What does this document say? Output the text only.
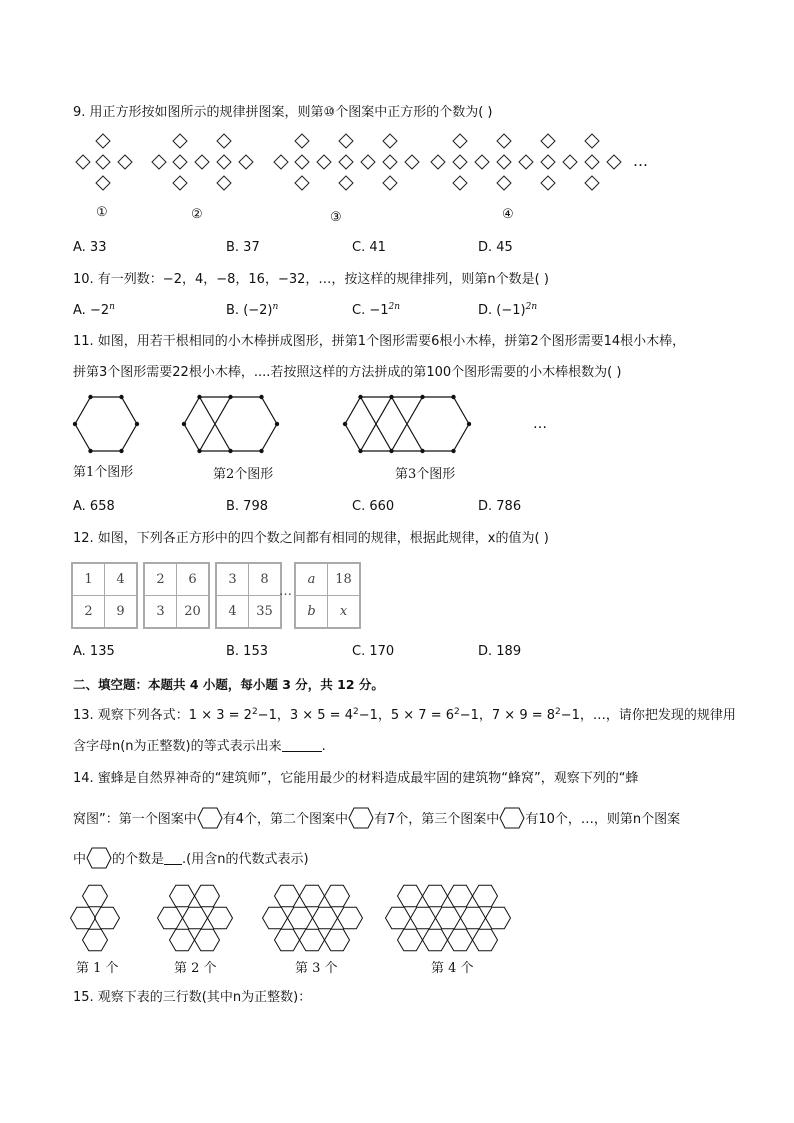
9. 用正方形按如图所示的规律拼图案，则第⑩个图案中正方形的个数为( )
①	②	③	④
…
A. 33	B. 37	C. 41	D. 45
10. 有一列数：−2，4，−8，16，−32，…，按这样的规律排列，则第n个数是( )
A. $-2^n$	B. $(-2)^n$	C. $-1^{2n}$	D. $(-1)^{2n}$
11. 如图，用若干根相同的小木棒拼成图形，拼第1个图形需要6根小木棒，拼第2个图形需要14根小木棒，
拼第3个图形需要22根小木棒，....若按照这样的方法拼成的第100个图形需要的小木棒根数为( )
…
第1个图形	第2个图形	第3个图形
A. 658	B. 798	C. 660	D. 786
12. 如图，下列各正方形中的四个数之间都有相同的规律，根据此规律，x的值为( )
1	4
2	9
2	6
3	20
3	8
4	35
…
a	18
b	x
A. 135	B. 153	C. 170	D. 189
二、填空题：本题共 4 小题，每小题 3 分，共 12 分。
13. 观察下列各式：$1 \times 3 = 2^2-1$，$3 \times 5 = 4^2-1$，$5 \times 7 = 6^2-1$，$7 \times 9 = 8^2-1$，…，请你把发现的规律用
含字母n(n为正整数)的等式表示出来	.
14. 蜜蜂是自然界神奇的“建筑师”，它能用最少的材料造成最牢固的建筑物“蜂窝”，观察下列的“蜂
窝图”：第一个图案中 有4个，第二个图案中 有7个，第三个图案中 有10个，…，则第n个图案
中 的个数是 .(用含n的代数式表示)
第 1 个	第 2 个	第 3 个	第 4 个
15. 观察下表的三行数(其中n为正整数)：
